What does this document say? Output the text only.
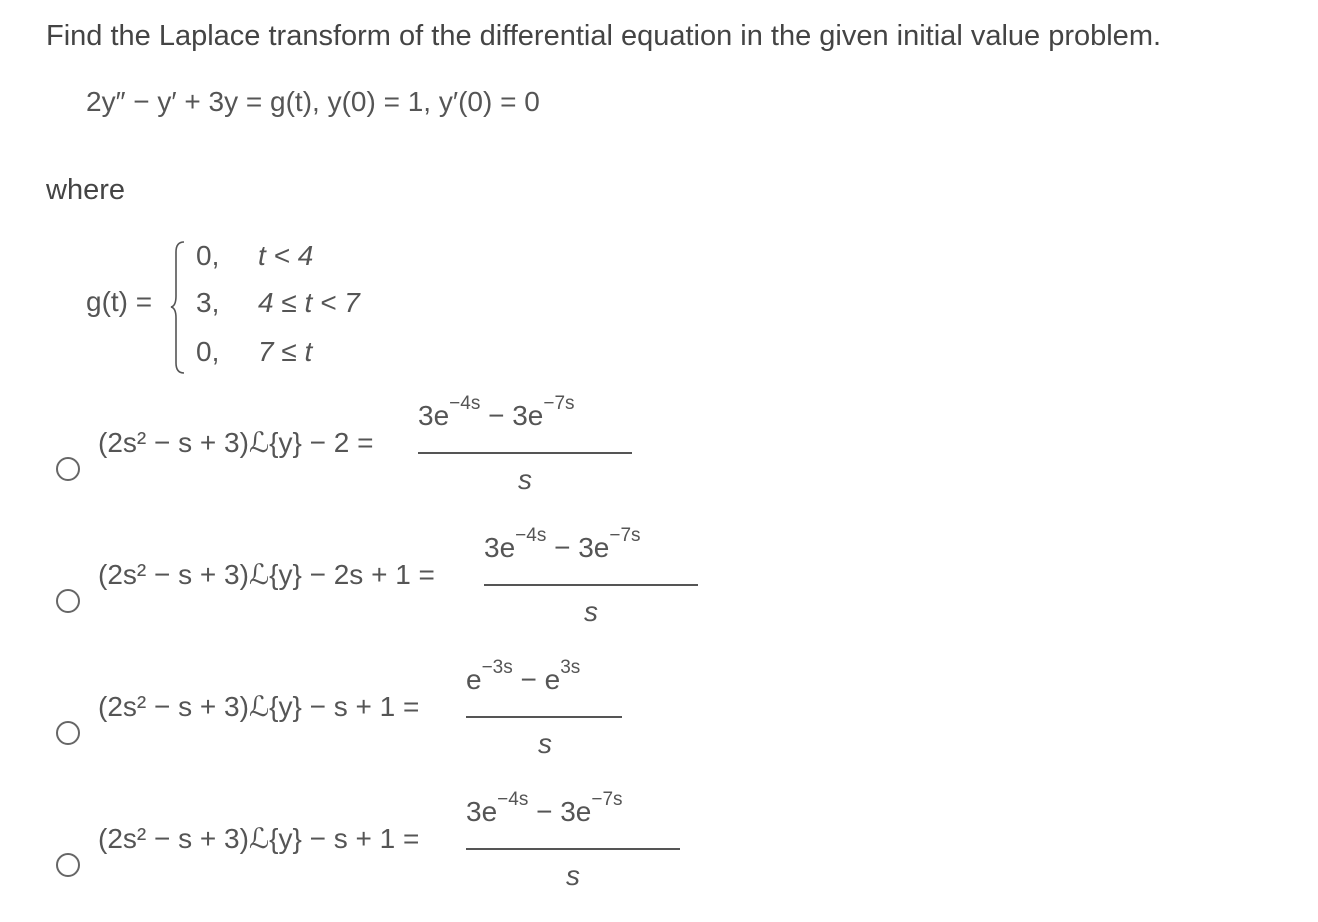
Find the Laplace transform of the differential equation in the given initial value problem.
2y″ − y′ + 3y = g(t), y(0) = 1, y′(0) = 0
where
g(t) =
0,	t < 4
3,	4 ≤ t < 7
0,	7 ≤ t
(2s² − s + 3)ℒ{y} − 2 =
$3e^{-4s} - 3e^{-7s}$
s
(2s² − s + 3)ℒ{y} − 2s + 1 =
$3e^{-4s} - 3e^{-7s}$
s
(2s² − s + 3)ℒ{y} − s + 1 =
$e^{-3s} - e^{3s}$
s
(2s² − s + 3)ℒ{y} − s + 1 =
$3e^{-4s} - 3e^{-7s}$
s
